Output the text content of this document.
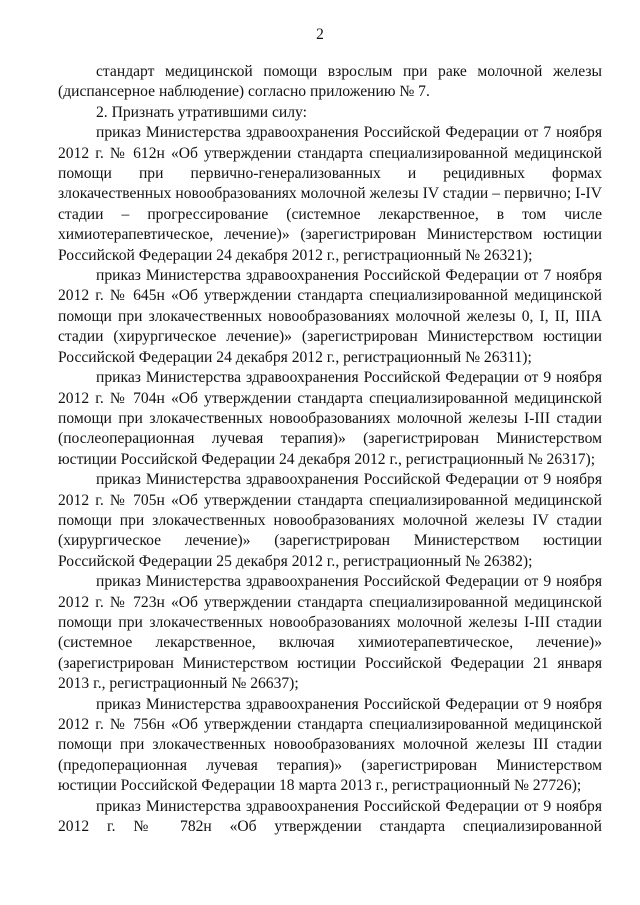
2

стандарт медицинской помощи взрослым при раке молочной железы (диспансерное наблюдение) согласно приложению № 7.

2. Признать утратившими силу:

приказ Министерства здравоохранения Российской Федерации от 7 ноября 2012 г. № 612н «Об утверждении стандарта специализированной медицинской помощи при первично-генерализованных и рецидивных формах злокачественных новообразованиях молочной железы IV стадии – первично; I-IV стадии – прогрессирование (системное лекарственное, в том числе химиотерапевтическое, лечение)» (зарегистрирован Министерством юстиции Российской Федерации 24 декабря 2012 г., регистрационный № 26321);

приказ Министерства здравоохранения Российской Федерации от 7 ноября 2012 г. № 645н «Об утверждении стандарта специализированной медицинской помощи при злокачественных новообразованиях молочной железы 0, I, II, IIIA стадии (хирургическое лечение)» (зарегистрирован Министерством юстиции Российской Федерации 24 декабря 2012 г., регистрационный № 26311);

приказ Министерства здравоохранения Российской Федерации от 9 ноября 2012 г. № 704н «Об утверждении стандарта специализированной медицинской помощи при злокачественных новообразованиях молочной железы I-III стадии (послеоперационная лучевая терапия)» (зарегистрирован Министерством юстиции Российской Федерации 24 декабря 2012 г., регистрационный № 26317);

приказ Министерства здравоохранения Российской Федерации от 9 ноября 2012 г. № 705н «Об утверждении стандарта специализированной медицинской помощи при злокачественных новообразованиях молочной железы IV стадии (хирургическое лечение)» (зарегистрирован Министерством юстиции Российской Федерации 25 декабря 2012 г., регистрационный № 26382);

приказ Министерства здравоохранения Российской Федерации от 9 ноября 2012 г. № 723н «Об утверждении стандарта специализированной медицинской помощи при злокачественных новообразованиях молочной железы I-III стадии (системное лекарственное, включая химиотерапевтическое, лечение)» (зарегистрирован Министерством юстиции Российской Федерации 21 января 2013 г., регистрационный № 26637);

приказ Министерства здравоохранения Российской Федерации от 9 ноября 2012 г. № 756н «Об утверждении стандарта специализированной медицинской помощи при злокачественных новообразованиях молочной железы III стадии (предоперационная лучевая терапия)» (зарегистрирован Министерством юстиции Российской Федерации 18 марта 2013 г., регистрационный № 27726);

приказ Министерства здравоохранения Российской Федерации от 9 ноября 2012 г. № 782н «Об утверждении стандарта специализированной
